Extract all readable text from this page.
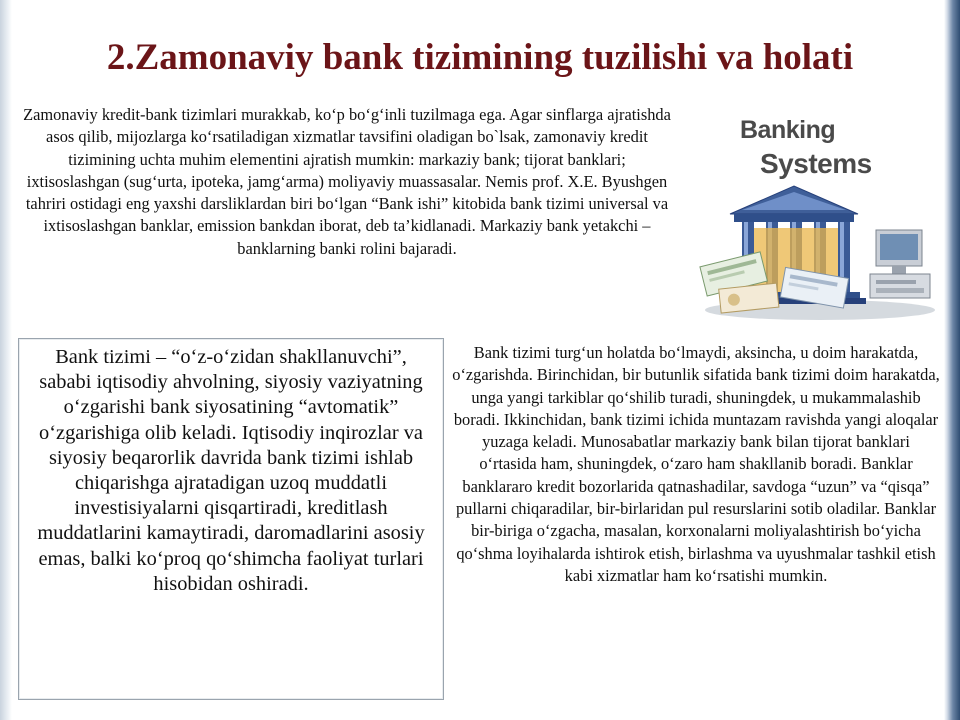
2.Zamonaviy bank tizimining tuzilishi va holati

Zamonaviy kredit-bank tizimlari murakkab, ko‘p bo‘g‘inli tuzilmaga ega. Agar sinflarga ajratishda asos qilib, mijozlarga ko‘rsatiladigan xizmatlar tavsifini oladigan bo`lsak, zamonaviy kredit tizimining uchta muhim elementini ajratish mumkin: markaziy bank; tijorat banklari; ixtisoslashgan (sug‘urta, ipoteka, jamg‘arma) moliyaviy muassasalar. Nemis prof. X.E. Byushgen tahriri ostidagi eng yaxshi darsliklardan biri bo‘lgan “Bank ishi” kitobida bank tizimi universal va ixtisoslashgan banklar, emission bankdan iborat, deb ta’kidlanadi. Markaziy bank yetakchi – banklarning banki rolini bajaradi.

Banking
Systems

Bank tizimi – “o‘z-o‘zidan shakllanuvchi”, sababi iqtisodiy ahvolning, siyosiy vaziyatning o‘zgarishi bank siyosatining “avtomatik” o‘zgarishiga olib keladi. Iqtisodiy inqirozlar va siyosiy beqarorlik davrida bank tizimi ishlab chiqarishga ajratadigan uzoq muddatli investisiyalarni qisqartiradi, kreditlash muddatlarini kamaytiradi, daromadlarini asosiy emas, balki ko‘proq qo‘shimcha faoliyat turlari hisobidan oshiradi.

Bank tizimi turg‘un holatda bo‘lmaydi, aksincha, u doim harakatda, o‘zgarishda. Birinchidan, bir butunlik sifatida bank tizimi doim harakatda, unga yangi tarkiblar qo‘shilib turadi, shuningdek, u mukammalashib boradi. Ikkinchidan, bank tizimi ichida muntazam ravishda yangi aloqalar yuzaga keladi. Munosabatlar markaziy bank bilan tijorat banklari o‘rtasida ham, shuningdek, o‘zaro ham shakllanib boradi. Banklar banklararo kredit bozorlarida qatnashadilar, savdoga “uzun” va “qisqa” pullarni chiqaradilar, bir-birlaridan pul resurslarini sotib oladilar. Banklar bir-biriga o‘zgacha, masalan, korxonalarni moliyalashtirish bo‘yicha qo‘shma loyihalarda ishtirok etish, birlashma va uyushmalar tashkil etish kabi xizmatlar ham ko‘rsatishi mumkin.
